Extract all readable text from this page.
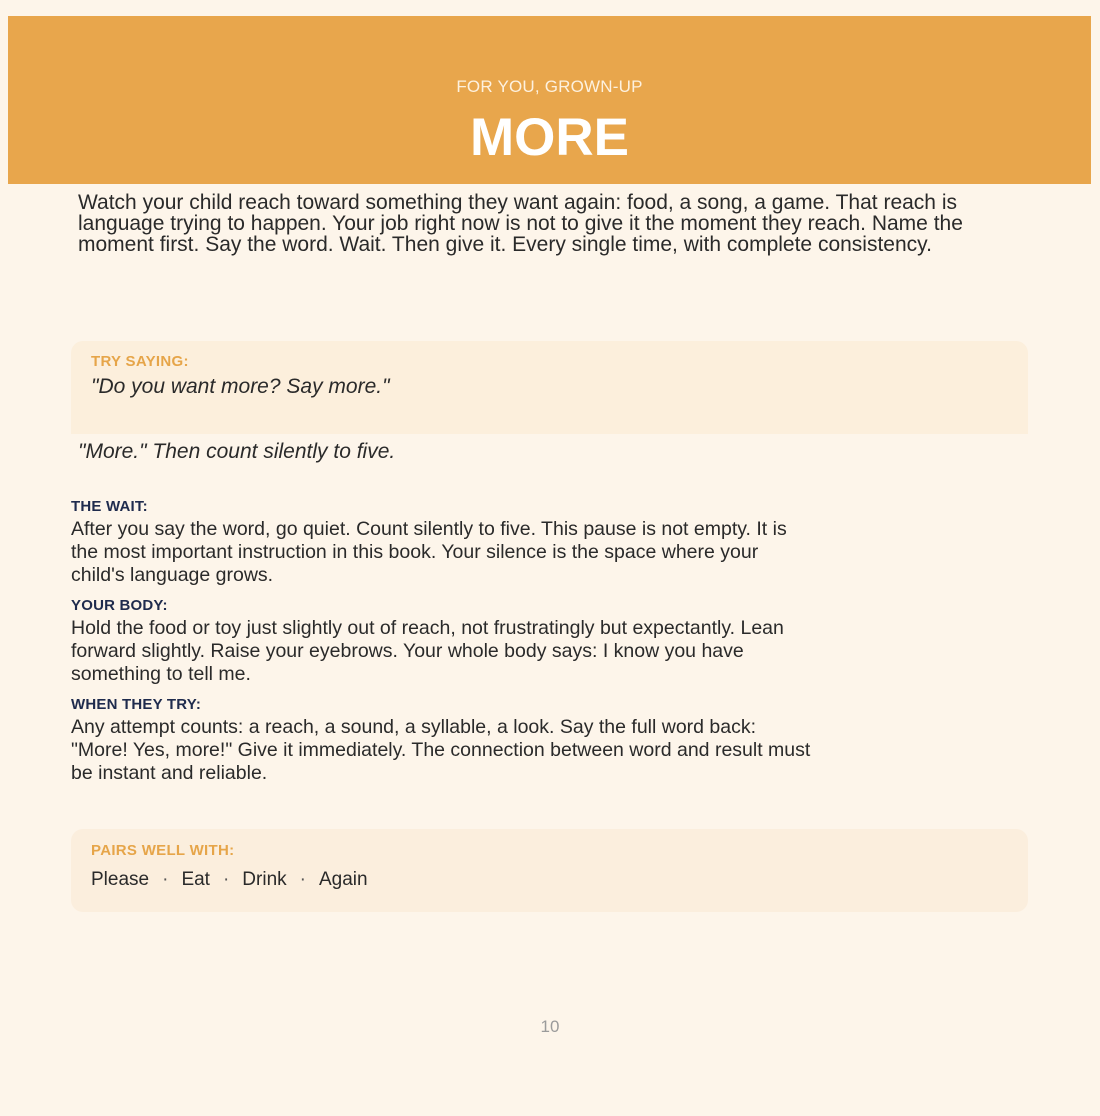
FOR YOU, GROWN-UP
MORE
Watch your child reach toward something they want again: food, a song, a game. That reach is language trying to happen. Your job right now is not to give it the moment they reach. Name the moment first. Say the word. Wait. Then give it. Every single time, with complete consistency.
TRY SAYING:
"Do you want more? Say more."
"More." Then count silently to five.
THE WAIT:
After you say the word, go quiet. Count silently to five. This pause is not empty. It is the most important instruction in this book. Your silence is the space where your child's language grows.
YOUR BODY:
Hold the food or toy just slightly out of reach, not frustratingly but expectantly. Lean forward slightly. Raise your eyebrows. Your whole body says: I know you have something to tell me.
WHEN THEY TRY:
Any attempt counts: a reach, a sound, a syllable, a look. Say the full word back: "More! Yes, more!" Give it immediately. The connection between word and result must be instant and reliable.
PAIRS WELL WITH:
Please · Eat · Drink · Again
10
